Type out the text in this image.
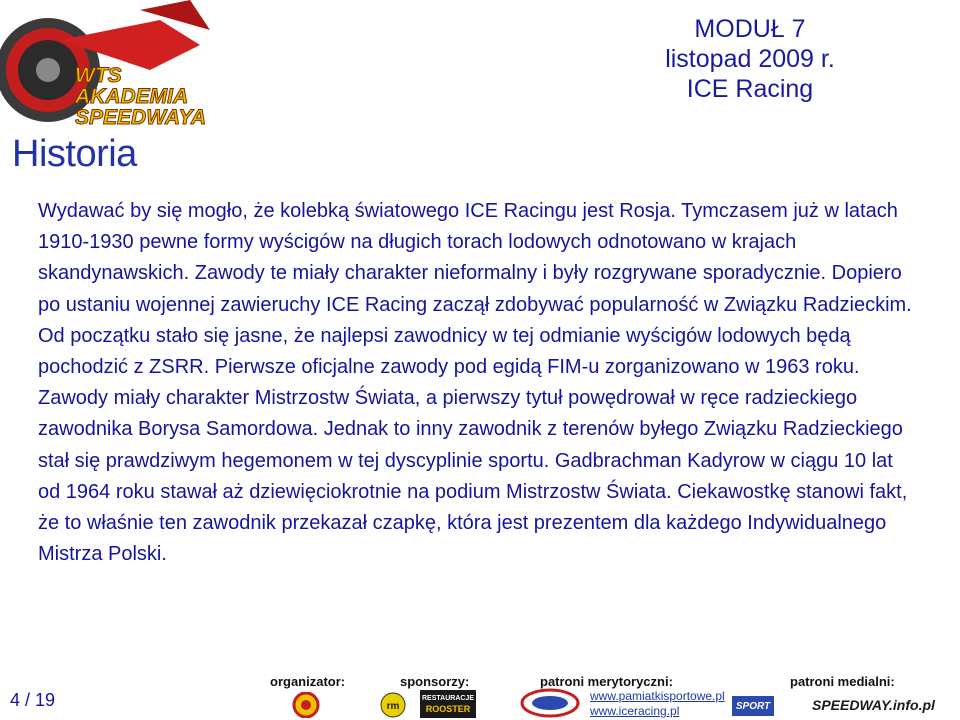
WTS
AKADEMIA
SPEEDWAYA
MODUŁ 7
listopad 2009 r.
ICE Racing
Historia
Wydawać by się mogło, że kolebką światowego ICE Racingu jest Rosja. Tymczasem już w latach 1910-1930 pewne formy wyścigów na długich torach lodowych odnotowano w krajach skandynawskich. Zawody te miały charakter nieformalny i były rozgrywane sporadycznie. Dopiero po ustaniu wojennej zawieruchy ICE Racing zaczął zdobywać popularność w Związku Radzieckim. Od początku stało się jasne, że najlepsi zawodnicy w tej odmianie wyścigów lodowych będą pochodzić z ZSRR. Pierwsze oficjalne zawody pod egidą FIM-u zorganizowano w 1963 roku. Zawody miały charakter Mistrzostw Świata, a pierwszy tytuł powędrował w ręce radzieckiego zawodnika Borysa Samordowa. Jednak to inny zawodnik z terenów byłego Związku Radzieckiego stał się prawdziwym hegemonem w tej dyscyplinie sportu. Gadbrachman Kadyrow w ciągu 10 lat od 1964 roku stawał aż dziewięciokrotnie na podium Mistrzostw Świata. Ciekawostkę stanowi fakt, że to właśnie ten zawodnik przekazał czapkę, która jest prezentem dla każdego Indywidualnego Mistrza Polski.
4 / 19
organizator:	sponsorzy:	patroni merytoryczni:	patroni medialni:
rm
RESTAURACJE
ROOSTER
www.pamiatkisportowe.pl
www.iceracing.pl	SPORT	SPEEDWAY.info.pl
